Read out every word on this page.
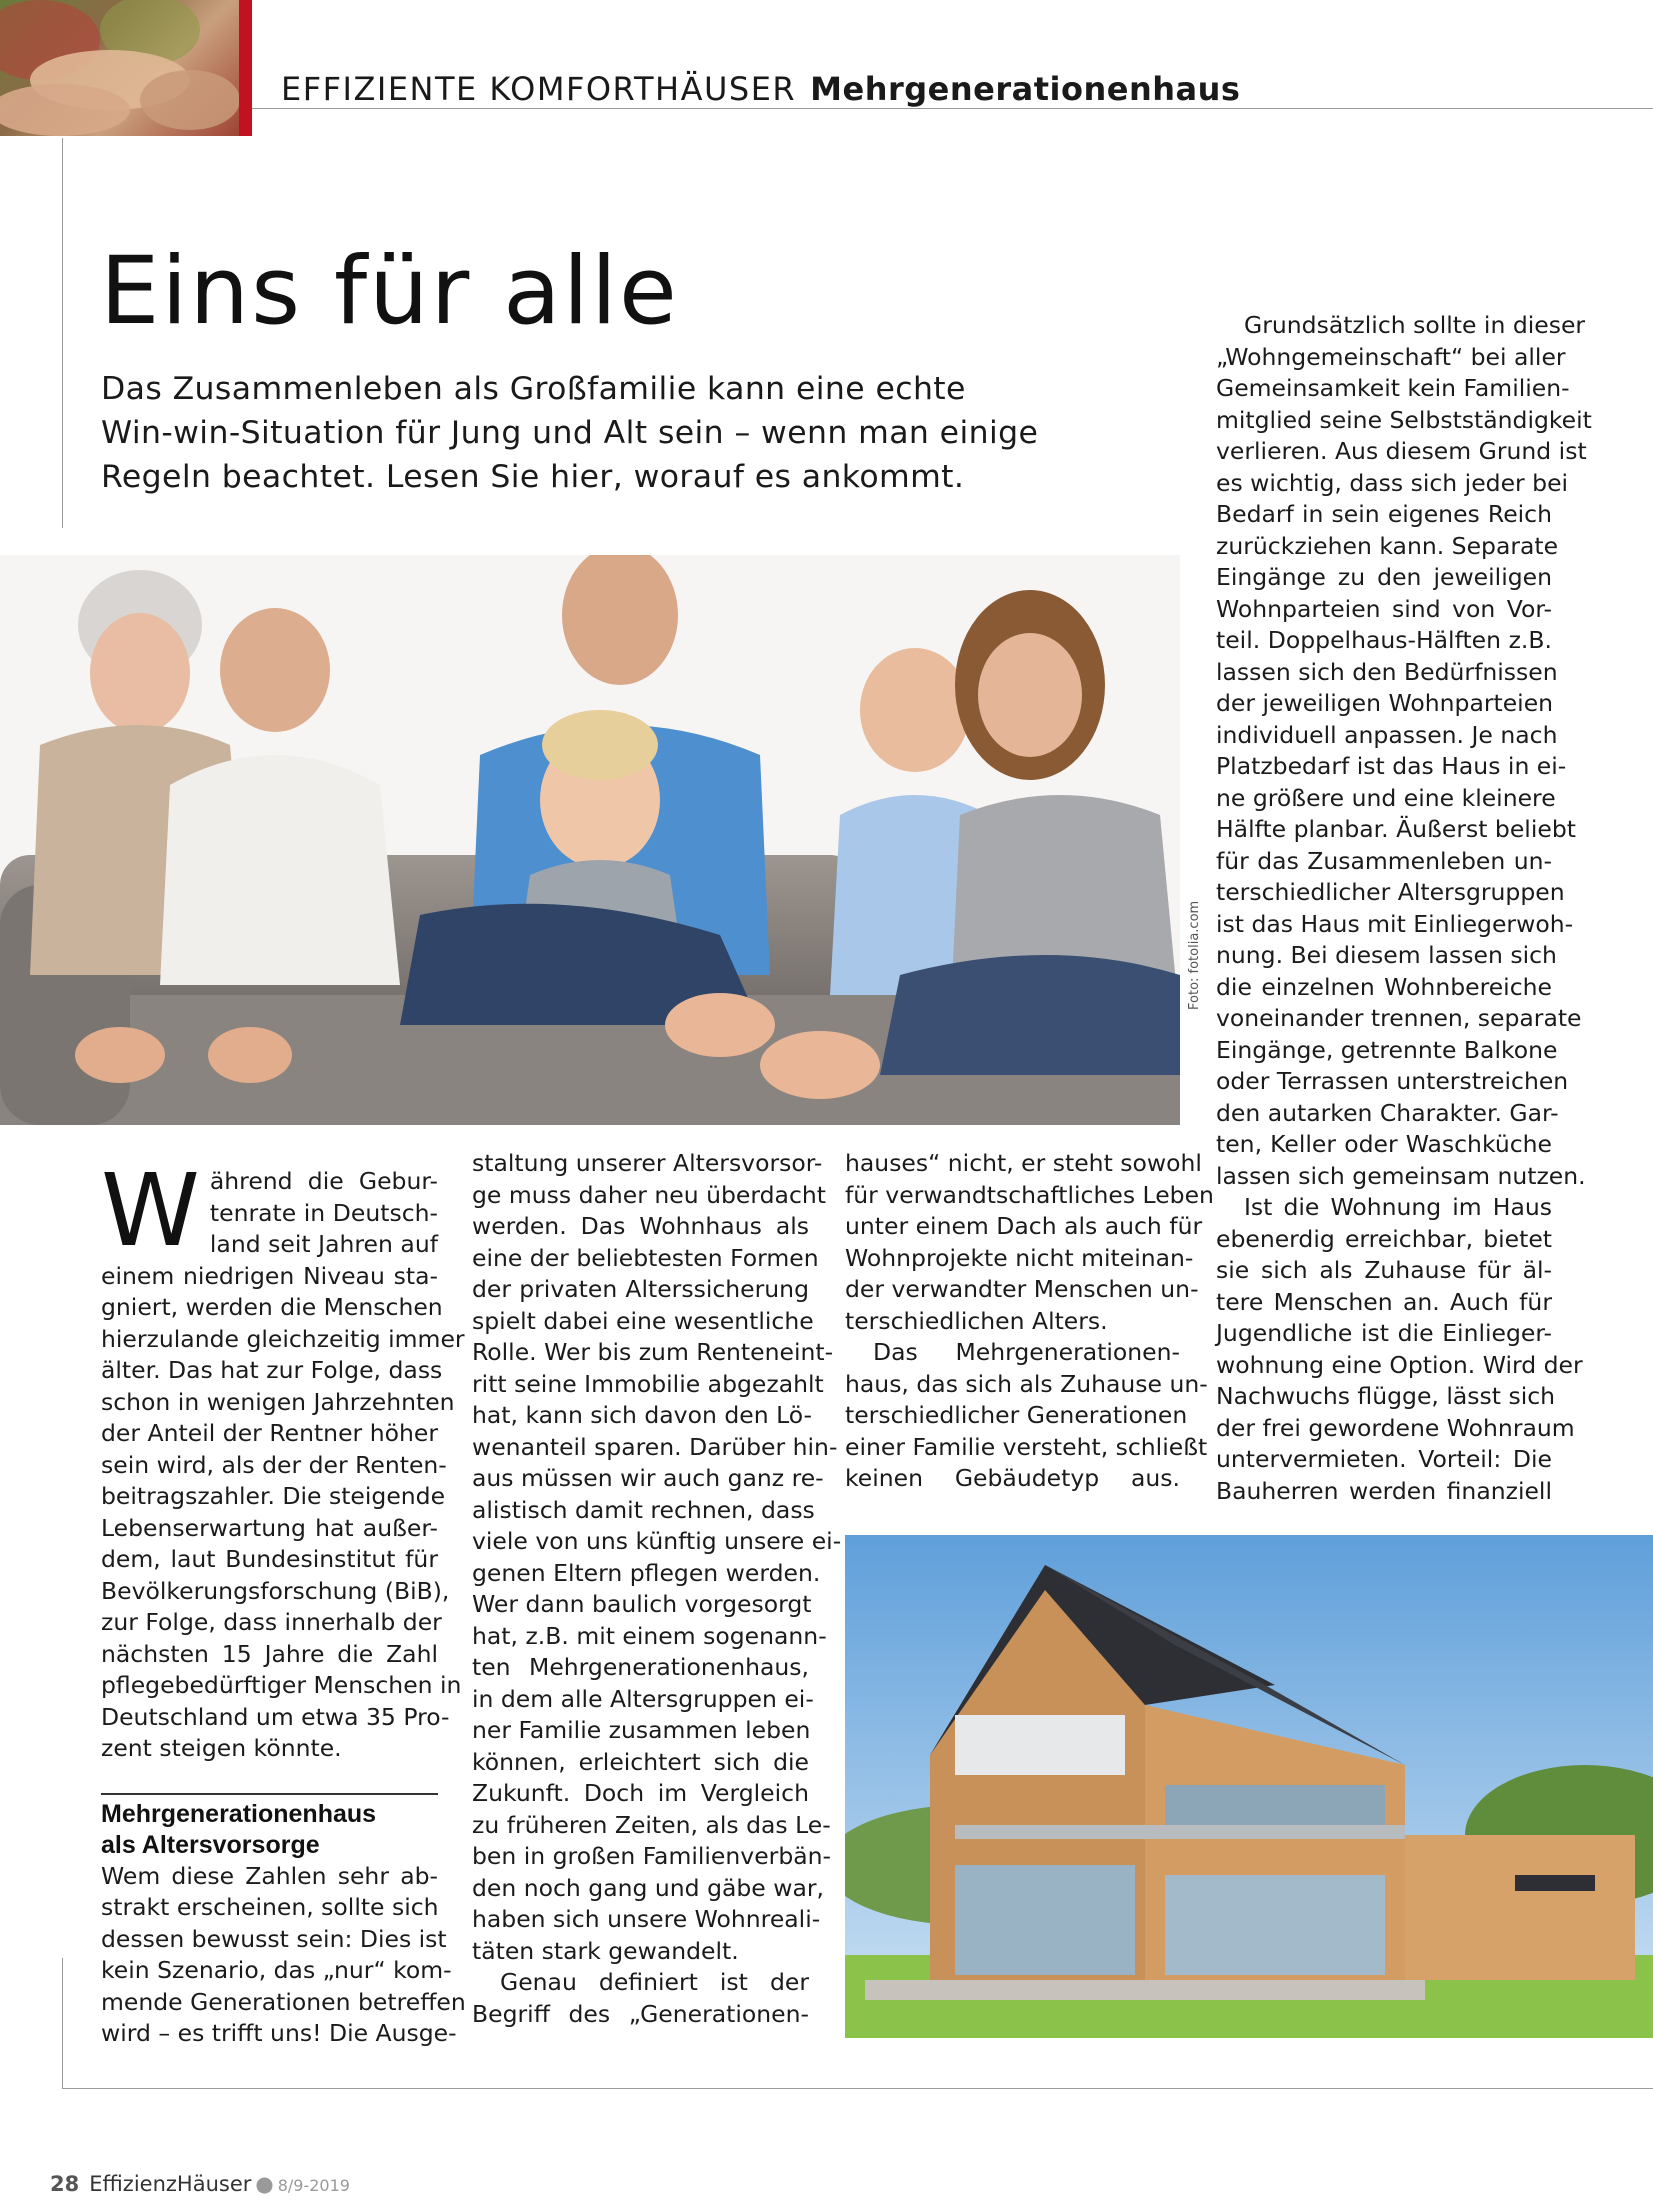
EFFIZIENTE KOMFORTHÄUSER Mehrgenerationenhaus
Eins für alle
Das Zusammenleben als Großfamilie kann eine echte
Win-win-Situation für Jung und Alt sein – wenn man einige
Regeln beachtet. Lesen Sie hier, worauf es ankommt.
Foto: fotolia.com
W ährend die Gebur-
tenrate in Deutsch-
land seit Jahren auf
einem niedrigen Niveau sta-
gniert, werden die Menschen
hierzulande gleichzeitig immer
älter. Das hat zur Folge, dass
schon in wenigen Jahrzehnten
der Anteil der Rentner höher
sein wird, als der der Renten-
beitragszahler. Die steigende
Lebenserwartung hat außer-
dem, laut Bundesinstitut für
Bevölkerungsforschung (BiB),
zur Folge, dass innerhalb der
nächsten 15 Jahre die Zahl
pflegebedürftiger Menschen in
Deutschland um etwa 35 Pro-
zent steigen könnte.
Mehrgenerationenhaus
als Altersvorsorge
Wem diese Zahlen sehr ab-
strakt erscheinen, sollte sich
dessen bewusst sein: Dies ist
kein Szenario, das „nur“ kom-
mende Generationen betreffen
wird – es trifft uns! Die Ausge-
staltung unserer Altersvorsor-
ge muss daher neu überdacht
werden. Das Wohnhaus als
eine der beliebtesten Formen
der privaten Alterssicherung
spielt dabei eine wesentliche
Rolle. Wer bis zum Renteneint-
ritt seine Immobilie abgezahlt
hat, kann sich davon den Lö-
wenanteil sparen. Darüber hin-
aus müssen wir auch ganz re-
alistisch damit rechnen, dass
viele von uns künftig unsere ei-
genen Eltern pflegen werden.
Wer dann baulich vorgesorgt
hat, z.B. mit einem sogenann-
ten Mehrgenerationenhaus,
in dem alle Altersgruppen ei-
ner Familie zusammen leben
können, erleichtert sich die
Zukunft. Doch im Vergleich
zu früheren Zeiten, als das Le-
ben in großen Familienverbän-
den noch gang und gäbe war,
haben sich unsere Wohnreali-
täten stark gewandelt.
Genau definiert ist der
Begriff des „Generationen-
hauses“ nicht, er steht sowohl
für verwandtschaftliches Leben
unter einem Dach als auch für
Wohnprojekte nicht miteinan-
der verwandter Menschen un-
terschiedlichen Alters.
Das Mehrgenerationen-
haus, das sich als Zuhause un-
terschiedlicher Generationen
einer Familie versteht, schließt
keinen Gebäudetyp aus.
Grundsätzlich sollte in dieser
„Wohngemeinschaft“ bei aller
Gemeinsamkeit kein Familien-
mitglied seine Selbstständigkeit
verlieren. Aus diesem Grund ist
es wichtig, dass sich jeder bei
Bedarf in sein eigenes Reich
zurückziehen kann. Separate
Eingänge zu den jeweiligen
Wohnparteien sind von Vor-
teil. Doppelhaus-Hälften z.B.
lassen sich den Bedürfnissen
der jeweiligen Wohnparteien
individuell anpassen. Je nach
Platzbedarf ist das Haus in ei-
ne größere und eine kleinere
Hälfte planbar. Äußerst beliebt
für das Zusammenleben un-
terschiedlicher Altersgruppen
ist das Haus mit Einliegerwoh-
nung. Bei diesem lassen sich
die einzelnen Wohnbereiche
voneinander trennen, separate
Eingänge, getrennte Balkone
oder Terrassen unterstreichen
den autarken Charakter. Gar-
ten, Keller oder Waschküche
lassen sich gemeinsam nutzen.
Ist die Wohnung im Haus
ebenerdig erreichbar, bietet
sie sich als Zuhause für äl-
tere Menschen an. Auch für
Jugendliche ist die Einlieger-
wohnung eine Option. Wird der
Nachwuchs flügge, lässt sich
der frei gewordene Wohnraum
untervermieten. Vorteil: Die
Bauherren werden finanziell
28 EffizienzHäuser ● 8/9-2019
